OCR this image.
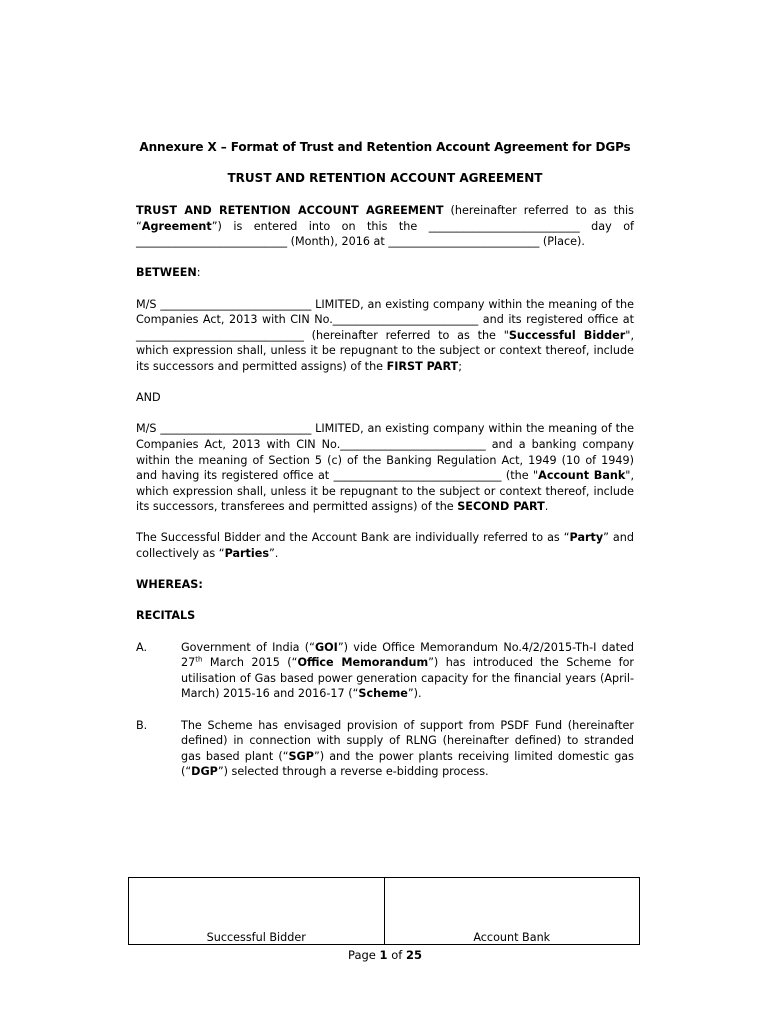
Annexure X – Format of Trust and Retention Account Agreement for DGPs
TRUST AND RETENTION ACCOUNT AGREEMENT

TRUST AND RETENTION ACCOUNT AGREEMENT (hereinafter referred to as this “Agreement”) is entered into on this the ___________________________ day of ___________________________ (Month), 2016 at ___________________________ (Place).

BETWEEN:

M/S ___________________________ LIMITED, an existing company within the meaning of the Companies Act, 2013 with CIN No.__________________________ and its registered office at ______________________________ (hereinafter referred to as the "Successful Bidder", which expression shall, unless it be repugnant to the subject or context thereof, include its successors and permitted assigns) of the FIRST PART;

AND

M/S ___________________________ LIMITED, an existing company within the meaning of the Companies Act, 2013 with CIN No.__________________________ and a banking company within the meaning of Section 5 (c) of the Banking Regulation Act, 1949 (10 of 1949) and having its registered office at ______________________________ (the "Account Bank", which expression shall, unless it be repugnant to the subject or context thereof, include its successors, transferees and permitted assigns) of the SECOND PART.

The Successful Bidder and the Account Bank are individually referred to as “Party” and collectively as “Parties”.

WHEREAS:

RECITALS

A.	Government of India (“GOI”) vide Office Memorandum No.4/2/2015-Th-I dated 27th March 2015 (“Office Memorandum”) has introduced the Scheme for utilisation of Gas based power generation capacity for the financial years (April-March) 2015-16 and 2016-17 (“Scheme”).
B.	The Scheme has envisaged provision of support from PSDF Fund (hereinafter defined) in connection with supply of RLNG (hereinafter defined) to stranded gas based plant (“SGP”) and the power plants receiving limited domestic gas (“DGP”) selected through a reverse e-bidding process.
Successful Bidder	Account Bank
Page 1 of 25
